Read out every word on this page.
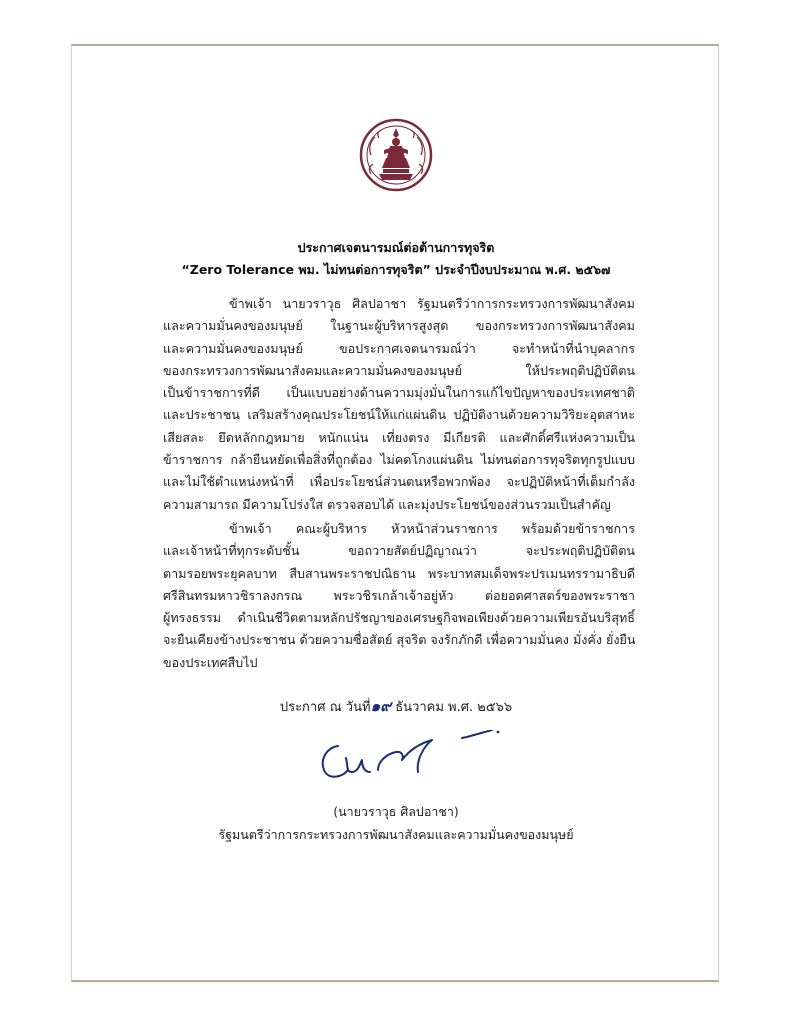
ประกาศเจตนารมณ์ต่อต้านการทุจริต
“Zero Tolerance พม. ไม่ทนต่อการทุจริต” ประจำปีงบประมาณ พ.ศ. ๒๕๖๗
ข้าพเจ้า นายวราวุธ ศิลปอาชา รัฐมนตรีว่าการกระทรวงการพัฒนาสังคม
และความมั่นคงของมนุษย์ ในฐานะผู้บริหารสูงสุด ของกระทรวงการพัฒนาสังคม
และความมั่นคงของมนุษย์ ขอประกาศเจตนารมณ์ว่า จะทำหน้าที่นำบุคลากร
ของกระทรวงการพัฒนาสังคมและความมั่นคงของมนุษย์ ให้ประพฤติปฏิบัติตน
เป็นข้าราชการที่ดี เป็นแบบอย่างด้านความมุ่งมั่นในการแก้ไขปัญหาของประเทศชาติ
และประชาชน เสริมสร้างคุณประโยชน์ให้แก่แผ่นดิน ปฏิบัติงานด้วยความวิริยะอุตสาหะ
เสียสละ ยึดหลักกฎหมาย หนักแน่น เที่ยงตรง มีเกียรติ และศักดิ์ศรีแห่งความเป็น
ข้าราชการ กล้ายืนหยัดเพื่อสิ่งที่ถูกต้อง ไม่คดโกงแผ่นดิน ไม่ทนต่อการทุจริตทุกรูปแบบ
และไม่ใช้ตำแหน่งหน้าที่ เพื่อประโยชน์ส่วนตนหรือพวกพ้อง จะปฏิบัติหน้าที่เต็มกำลัง
ความสามารถ มีความโปร่งใส ตรวจสอบได้ และมุ่งประโยชน์ของส่วนรวมเป็นสำคัญ
ข้าพเจ้า คณะผู้บริหาร หัวหน้าส่วนราชการ พร้อมด้วยข้าราชการ
และเจ้าหน้าที่ทุกระดับชั้น ขอถวายสัตย์ปฏิญาณว่า จะประพฤติปฏิบัติตน
ตามรอยพระยุคลบาท สืบสานพระราชปณิธาน พระบาทสมเด็จพระปรเมนทรรามาธิบดี
ศรีสินทรมหาวชิราลงกรณ พระวชิรเกล้าเจ้าอยู่หัว ต่อยอดศาสตร์ของพระราชา
ผู้ทรงธรรม ดำเนินชีวิตตามหลักปรัชญาของเศรษฐกิจพอเพียงด้วยความเพียรอันบริสุทธิ์
จะยืนเคียงข้างประชาชน ด้วยความซื่อสัตย์ สุจริต จงรักภักดี เพื่อความมั่นคง มั่งคั่ง ยั่งยืน
ของประเทศสืบไป
ประกาศ ณ วันที่๑๙ ธันวาคม พ.ศ. ๒๕๖๖
(นายวราวุธ ศิลปอาชา)
รัฐมนตรีว่าการกระทรวงการพัฒนาสังคมและความมั่นคงของมนุษย์
